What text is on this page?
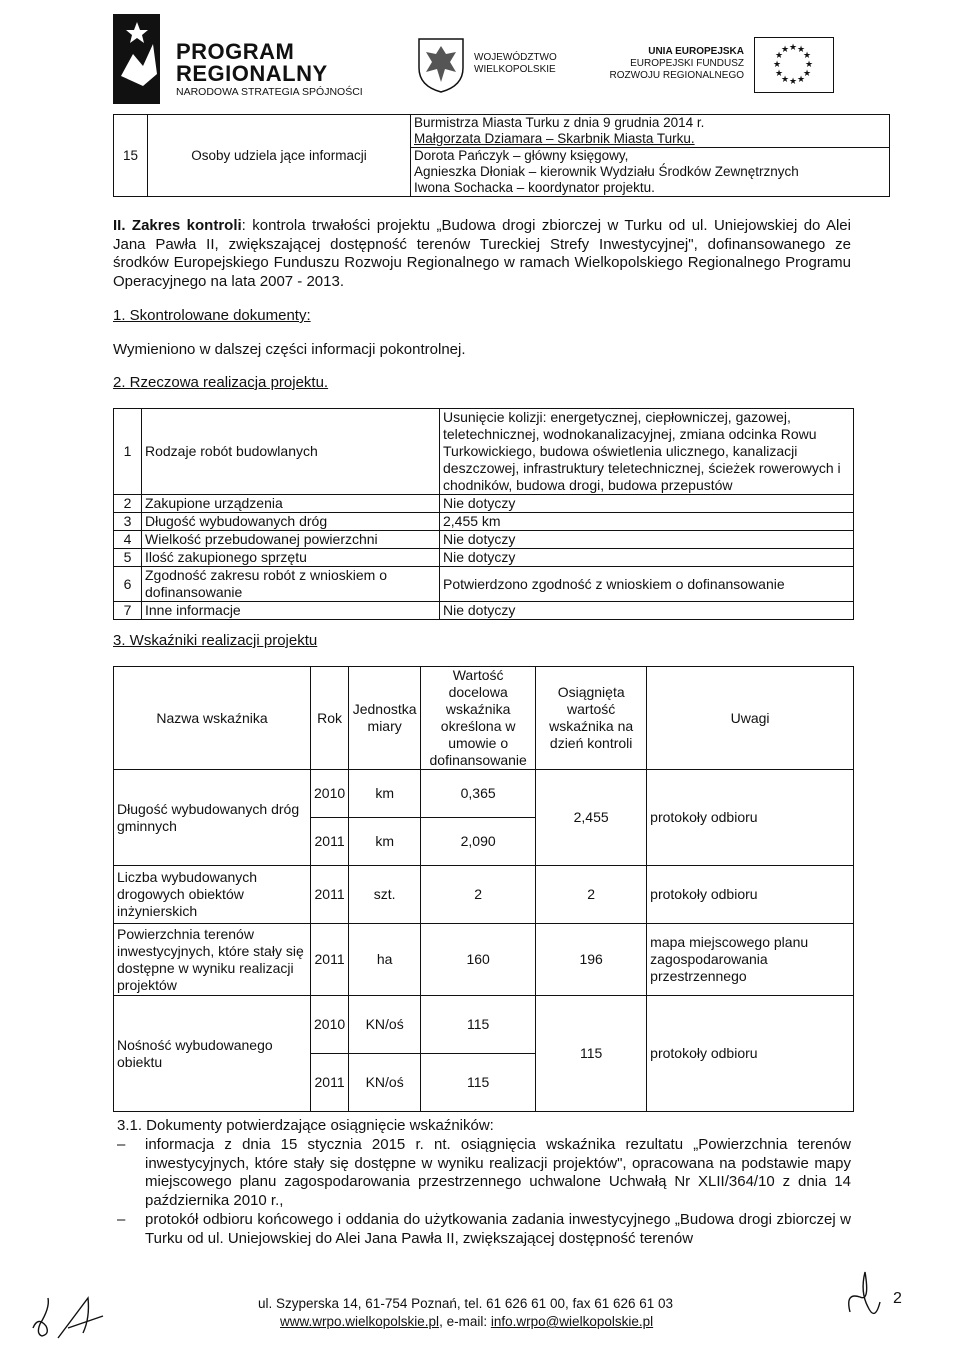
PROGRAM
REGIONALNY
NARODOWA STRATEGIA SPÓJNOŚCI
WOJEWÓDZTWO
WIELKOPOLSKIE
UNIA EUROPEJSKA
EUROPEJSKI FUNDUSZ
ROZWOJU REGIONALNEGO
★ ★
★
★
★
★
★
★
★
★
★
★
15	Osoby udziela jące informacji	Burmistrza Miasta Turku z dnia 9 grudnia 2014 r.
Małgorzata Dziamara – Skarbnik Miasta Turku.
Dorota Pańczyk – główny księgowy,
Agnieszka Dłoniak – kierownik Wydziału Środków Zewnętrznych
Iwona Sochacka – koordynator projektu.
II. Zakres kontroli: kontrola trwałości projektu „Budowa drogi zbiorczej w Turku od ul. Uniejowskiej do Alei Jana Pawła II, zwiększającej dostępność terenów Tureckiej Strefy Inwestycyjnej", dofinansowanego ze środków Europejskiego Funduszu Rozwoju Regionalnego w ramach Wielkopolskiego Regionalnego Programu Operacyjnego na lata 2007 - 2013.
1. Skontrolowane dokumenty:
Wymieniono w dalszej części informacji pokontrolnej.
2. Rzeczowa realizacja projektu.
1	Rodzaje robót budowlanych	Usunięcie kolizji: energetycznej, ciepłowniczej, gazowej, teletechnicznej, wodnokanalizacyjnej, zmiana odcinka Rowu Turkowickiego, budowa oświetlenia ulicznego, kanalizacji deszczowej, infrastruktury teletechnicznej, ścieżek rowerowych i chodników, budowa drogi, budowa przepustów
2	Zakupione urządzenia	Nie dotyczy
3	Długość wybudowanych dróg	2,455 km
4	Wielkość przebudowanej powierzchni	Nie dotyczy
5	Ilość zakupionego sprzętu	Nie dotyczy
6	Zgodność zakresu robót z wnioskiem o dofinansowanie	Potwierdzono zgodność z wnioskiem o dofinansowanie
7	Inne informacje	Nie dotyczy
3. Wskaźniki realizacji projektu
Nazwa wskaźnika	Rok	Jednostka miary	Wartość docelowa wskaźnika określona w umowie o dofinansowanie	Osiągnięta wartość wskaźnika na dzień kontroli	Uwagi
Długość wybudowanych dróg gminnych	2010	km	0,365	2,455	protokoły odbioru
	2011	km	2,090		
Liczba wybudowanych drogowych obiektów inżynierskich	2011	szt.	2	2	protokoły odbioru
Powierzchnia terenów inwestycyjnych, które stały się dostępne w wyniku realizacji projektów	2011	ha	160	196	mapa miejscowego planu zagospodarowania przestrzennego
Nośność wybudowanego obiektu	2010	KN/oś	115	115	protokoły odbioru
	2011	KN/oś	115		
3.1. Dokumenty potwierdzające osiągnięcie wskaźników:
– informacja z dnia 15 stycznia 2015 r. nt. osiągnięcia wskaźnika rezultatu „Powierzchnia terenów inwestycyjnych, które stały się dostępne w wyniku realizacji projektów", opracowana na podstawie mapy miejscowego planu zagospodarowania przestrzennego uchwalone Uchwałą Nr XLII/364/10 z dnia 14 października 2010 r.,
– protokół odbioru końcowego i oddania do użytkowania zadania inwestycyjnego „Budowa drogi zbiorczej w Turku od ul. Uniejowskiej do Alei Jana Pawła II, zwiększającej dostępność terenów
ul. Szyperska 14, 61-754 Poznań, tel. 61 626 61 00, fax 61 626 61 03
www.wrpo.wielkopolskie.pl, e-mail: info.wrpo@wielkopolskie.pl
2
